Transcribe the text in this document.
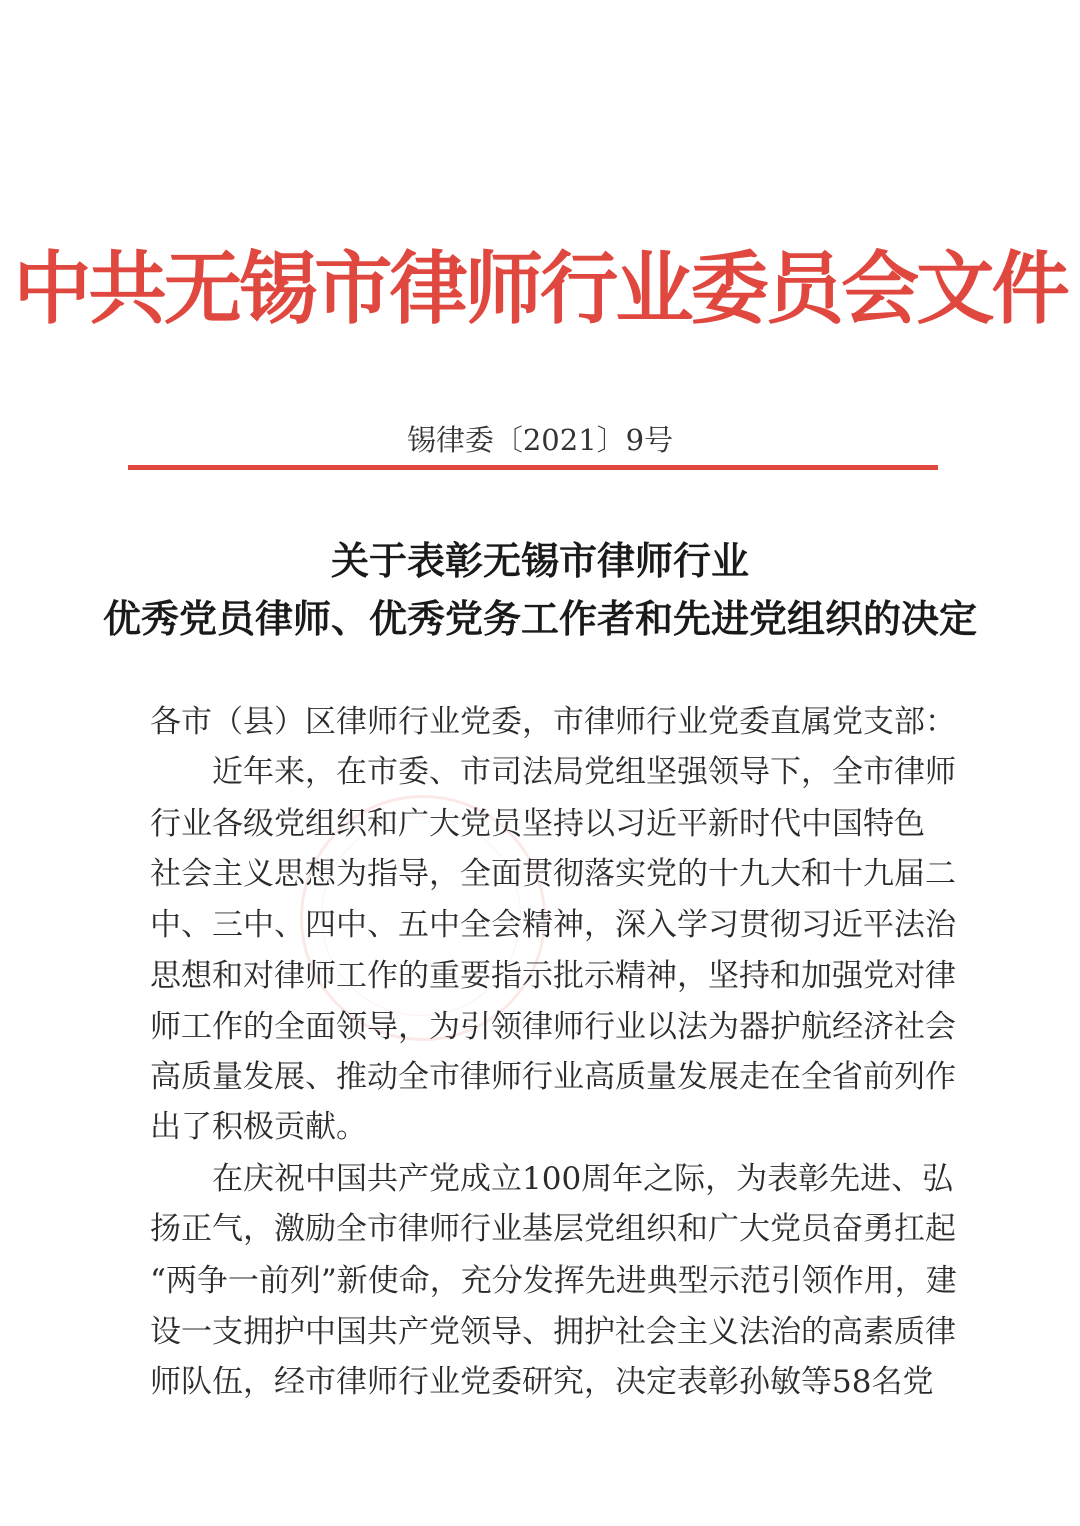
中共无锡市律师行业委员会文件
锡律委〔2021〕9号
关于表彰无锡市律师行业
优秀党员律师、优秀党务工作者和先进党组织的决定
各市（县）区律师行业党委，市律师行业党委直属党支部：
近年来，在市委、市司法局党组坚强领导下，全市律师
行业各级党组织和广大党员坚持以习近平新时代中国特色
社会主义思想为指导，全面贯彻落实党的十九大和十九届二
中、三中、四中、五中全会精神，深入学习贯彻习近平法治
思想和对律师工作的重要指示批示精神，坚持和加强党对律
师工作的全面领导，为引领律师行业以法为器护航经济社会
高质量发展、推动全市律师行业高质量发展走在全省前列作
出了积极贡献。
在庆祝中国共产党成立100周年之际，为表彰先进、弘
扬正气，激励全市律师行业基层党组织和广大党员奋勇扛起
“两争一前列”新使命，充分发挥先进典型示范引领作用，建
设一支拥护中国共产党领导、拥护社会主义法治的高素质律
师队伍，经市律师行业党委研究，决定表彰孙敏等58名党
